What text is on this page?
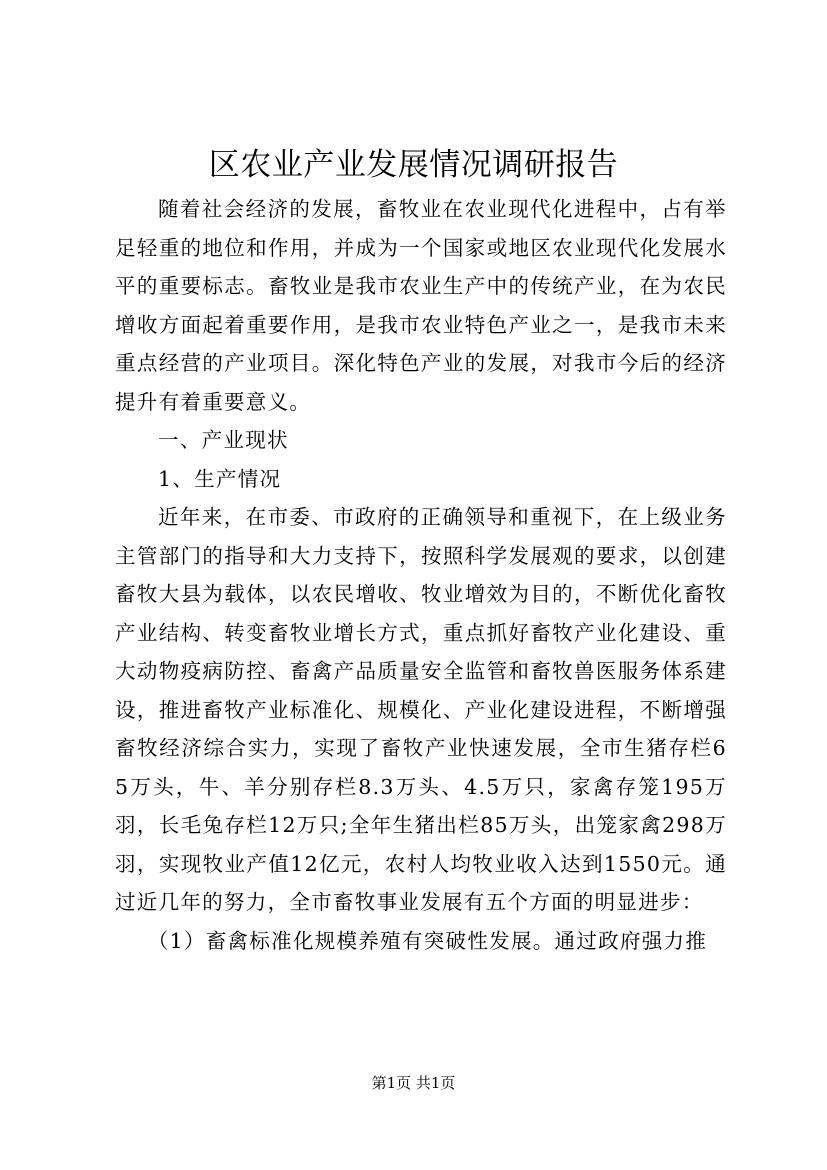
区农业产业发展情况调研报告

随着社会经济的发展，畜牧业在农业现代化进程中，占有举足轻重的地位和作用，并成为一个国家或地区农业现代化发展水平的重要标志。畜牧业是我市农业生产中的传统产业，在为农民增收方面起着重要作用，是我市农业特色产业之一，是我市未来重点经营的产业项目。深化特色产业的发展，对我市今后的经济提升有着重要意义。

一、产业现状

1、生产情况

近年来，在市委、市政府的正确领导和重视下，在上级业务主管部门的指导和大力支持下，按照科学发展观的要求，以创建畜牧大县为载体，以农民增收、牧业增效为目的，不断优化畜牧产业结构、转变畜牧业增长方式，重点抓好畜牧产业化建设、重大动物疫病防控、畜禽产品质量安全监管和畜牧兽医服务体系建设，推进畜牧产业标准化、规模化、产业化建设进程，不断增强畜牧经济综合实力，实现了畜牧产业快速发展，全市生猪存栏65万头，牛、羊分别存栏8.3万头、4.5万只，家禽存笼195万羽，长毛兔存栏12万只;全年生猪出栏85万头，出笼家禽298万羽，实现牧业产值12亿元，农村人均牧业收入达到1550元。通过近几年的努力，全市畜牧事业发展有五个方面的明显进步：

（1）畜禽标准化规模养殖有突破性发展。通过政府强力推

第1页 共1页
